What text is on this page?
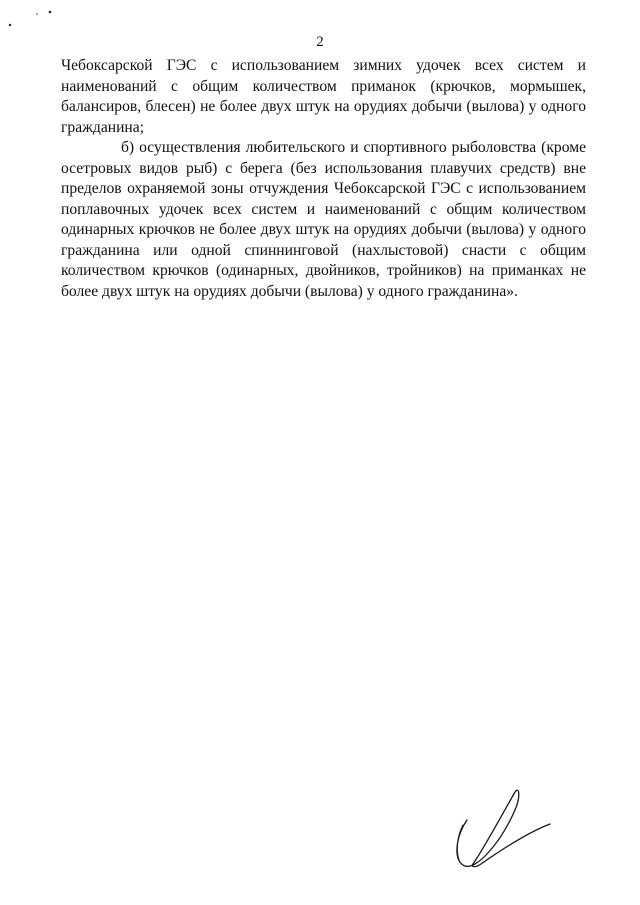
2

Чебоксарской ГЭС с использованием зимних удочек всех систем и наименований с общим количеством приманок (крючков, мормышек, балансиров, блесен) не более двух штук на орудиях добычи (вылова) у одного гражданина;

б) осуществления любительского и спортивного рыболовства (кроме осетровых видов рыб) с берега (без использования плавучих средств) вне пределов охраняемой зоны отчуждения Чебоксарской ГЭС с использованием поплавочных удочек всех систем и наименований с общим количеством одинарных крючков не более двух штук на орудиях добычи (вылова) у одного гражданина или одной спиннинговой (нахлыстовой) снасти с общим количеством крючков (одинарных, двойников, тройников) на приманках не более двух штук на орудиях добычи (вылова) у одного гражданина».
